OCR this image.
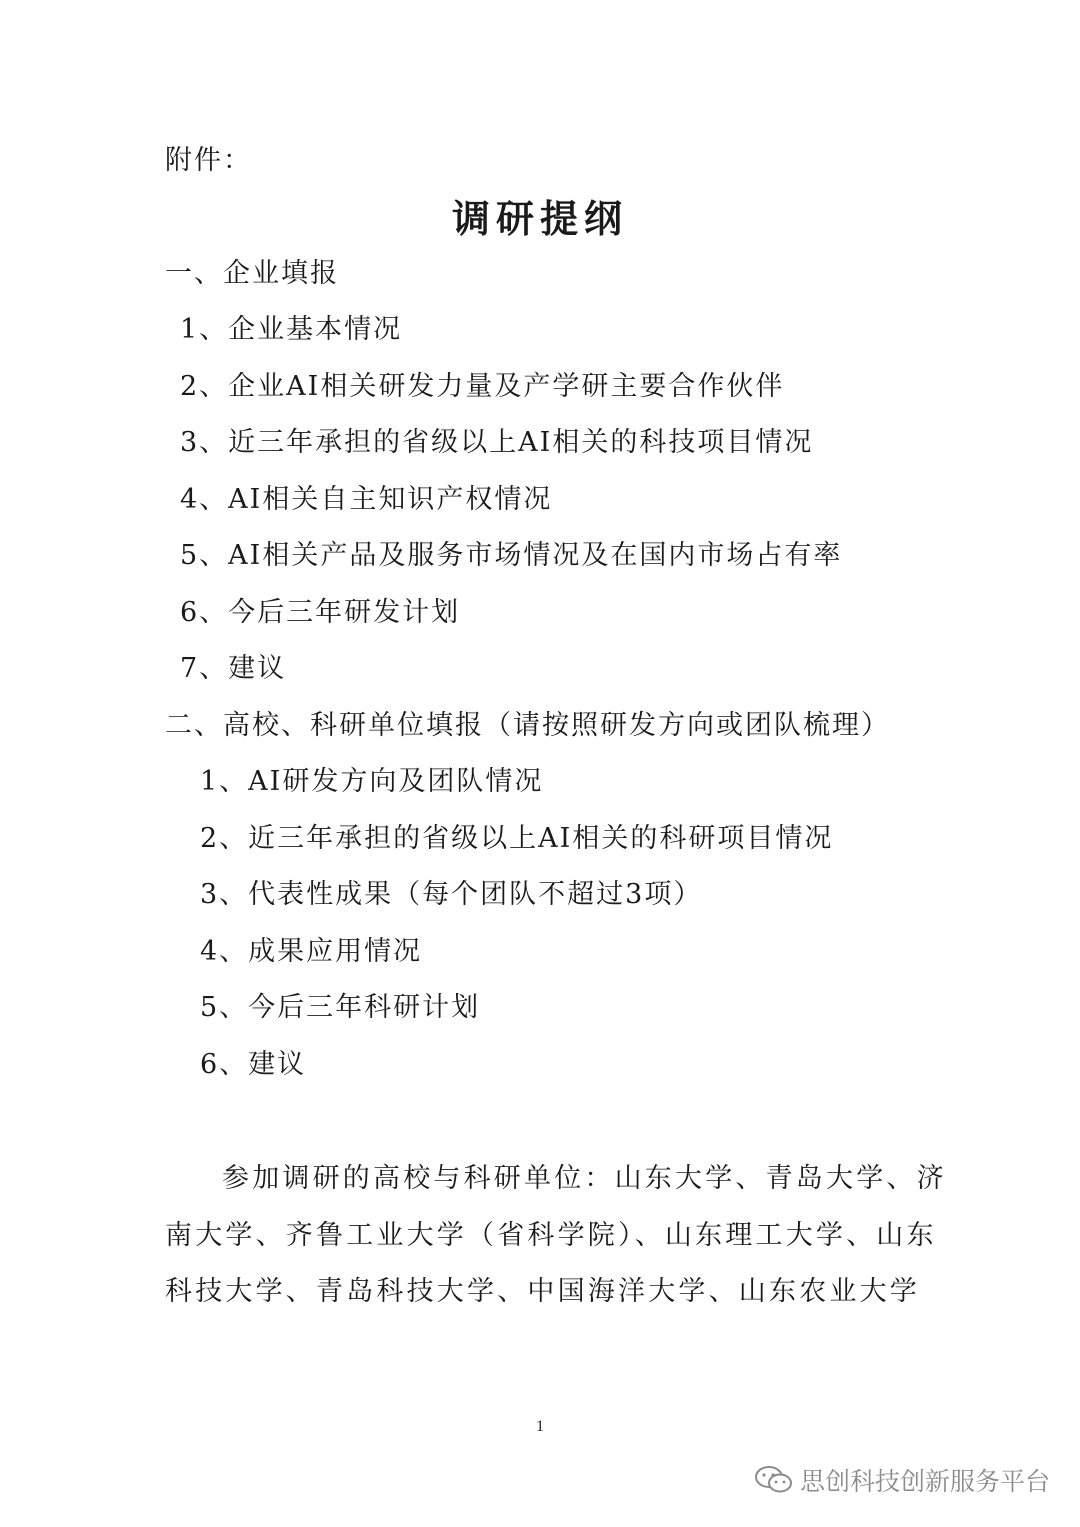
附件：
调研提纲
一、企业填报
1、企业基本情况
2、企业AI相关研发力量及产学研主要合作伙伴
3、近三年承担的省级以上AI相关的科技项目情况
4、AI相关自主知识产权情况
5、AI相关产品及服务市场情况及在国内市场占有率
6、今后三年研发计划
7、建议
二、高校、科研单位填报（请按照研发方向或团队梳理）
1、AI研发方向及团队情况
2、近三年承担的省级以上AI相关的科研项目情况
3、代表性成果（每个团队不超过3项）
4、成果应用情况
5、今后三年科研计划
6、建议
参加调研的高校与科研单位：山东大学、青岛大学、济
南大学、齐鲁工业大学（省科学院）、山东理工大学、山东
科技大学、青岛科技大学、中国海洋大学、山东农业大学
1
思创科技创新服务平台
